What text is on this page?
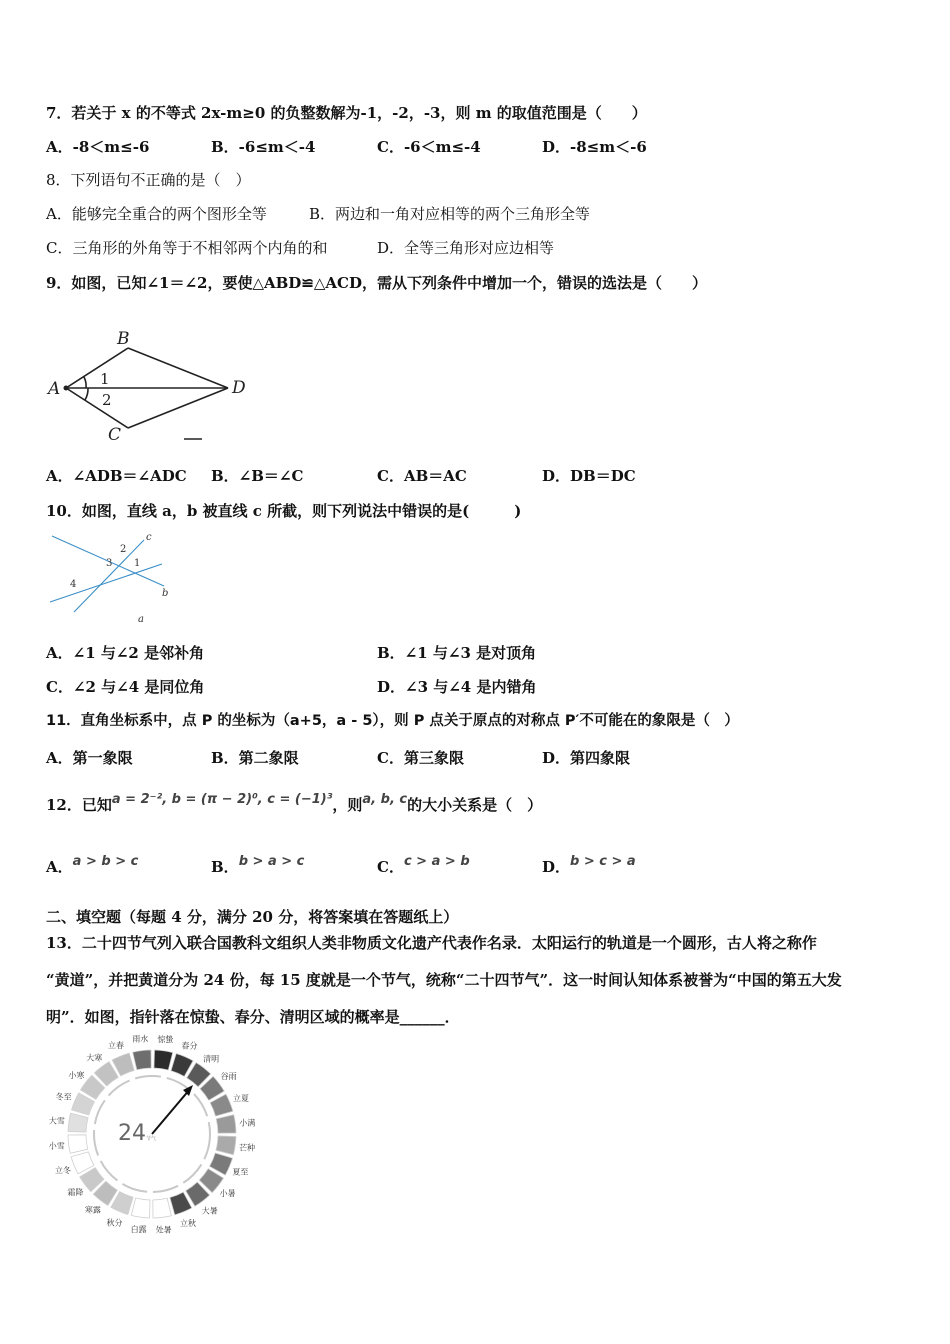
7．若关于 x 的不等式 2x-m≥0 的负整数解为-1，-2，-3，则 m 的取值范围是（　　）
A．-8＜m≤-6	B．-6≤m＜-4	C．-6＜m≤-4	D．-8≤m＜-6
8．下列语句不正确的是（　）
A．能够完全重合的两个图形全等	B．两边和一角对应相等的两个三角形全等
C．三角形的外角等于不相邻两个内角的和	D．全等三角形对应边相等
9．如图，已知∠1＝∠2，要使△ABD≌△ACD，需从下列条件中增加一个，错误的选法是（　　）
A
B
C
D
1
2
A．∠ADB＝∠ADC B．∠B＝∠C	C．AB＝AC	D．DB＝DC
10．如图，直线 a，b 被直线 c 所截，则下列说法中错误的是(　　　)
c
b
a
2
3 1
4
A．∠1 与∠2 是邻补角	B．∠1 与∠3 是对顶角
C．∠2 与∠4 是同位角	D．∠3 与∠4 是内错角
11．直角坐标系中，点 P 的坐标为（a+5，a - 5），则 P 点关于原点的对称点 P′不可能在的象限是（　）
A．第一象限	B．第二象限	C．第三象限	D．第四象限
12．已知a = 2⁻², b = (π − 2)⁰, c = (−1)³，则a, b, c的大小关系是（　）
A．a > b > c	B．b > a > c	C．c > a > b	D．b > c > a
二、填空题（每题 4 分，满分 20 分，将答案填在答题纸上）
13．二十四节气列入联合国教科文组织人类非物质文化遗产代表作名录．太阳运行的轨道是一个圆形，古人将之称作
“黄道”，并把黄道分为 24 份，每 15 度就是一个节气，统称“二十四节气”．这一时间认知体系被誉为“中国的第五大发
明”．如图，指针落在惊蛰、春分、清明区域的概率是______．
立春
雨水 惊蛰
春分
清明
谷雨
立夏
小满
芒种
夏至
小暑
大暑
立秋
处暑
白露
秋分
寒露
霜降
立冬
小雪
大雪
冬至
小寒
大寒
24 节气
